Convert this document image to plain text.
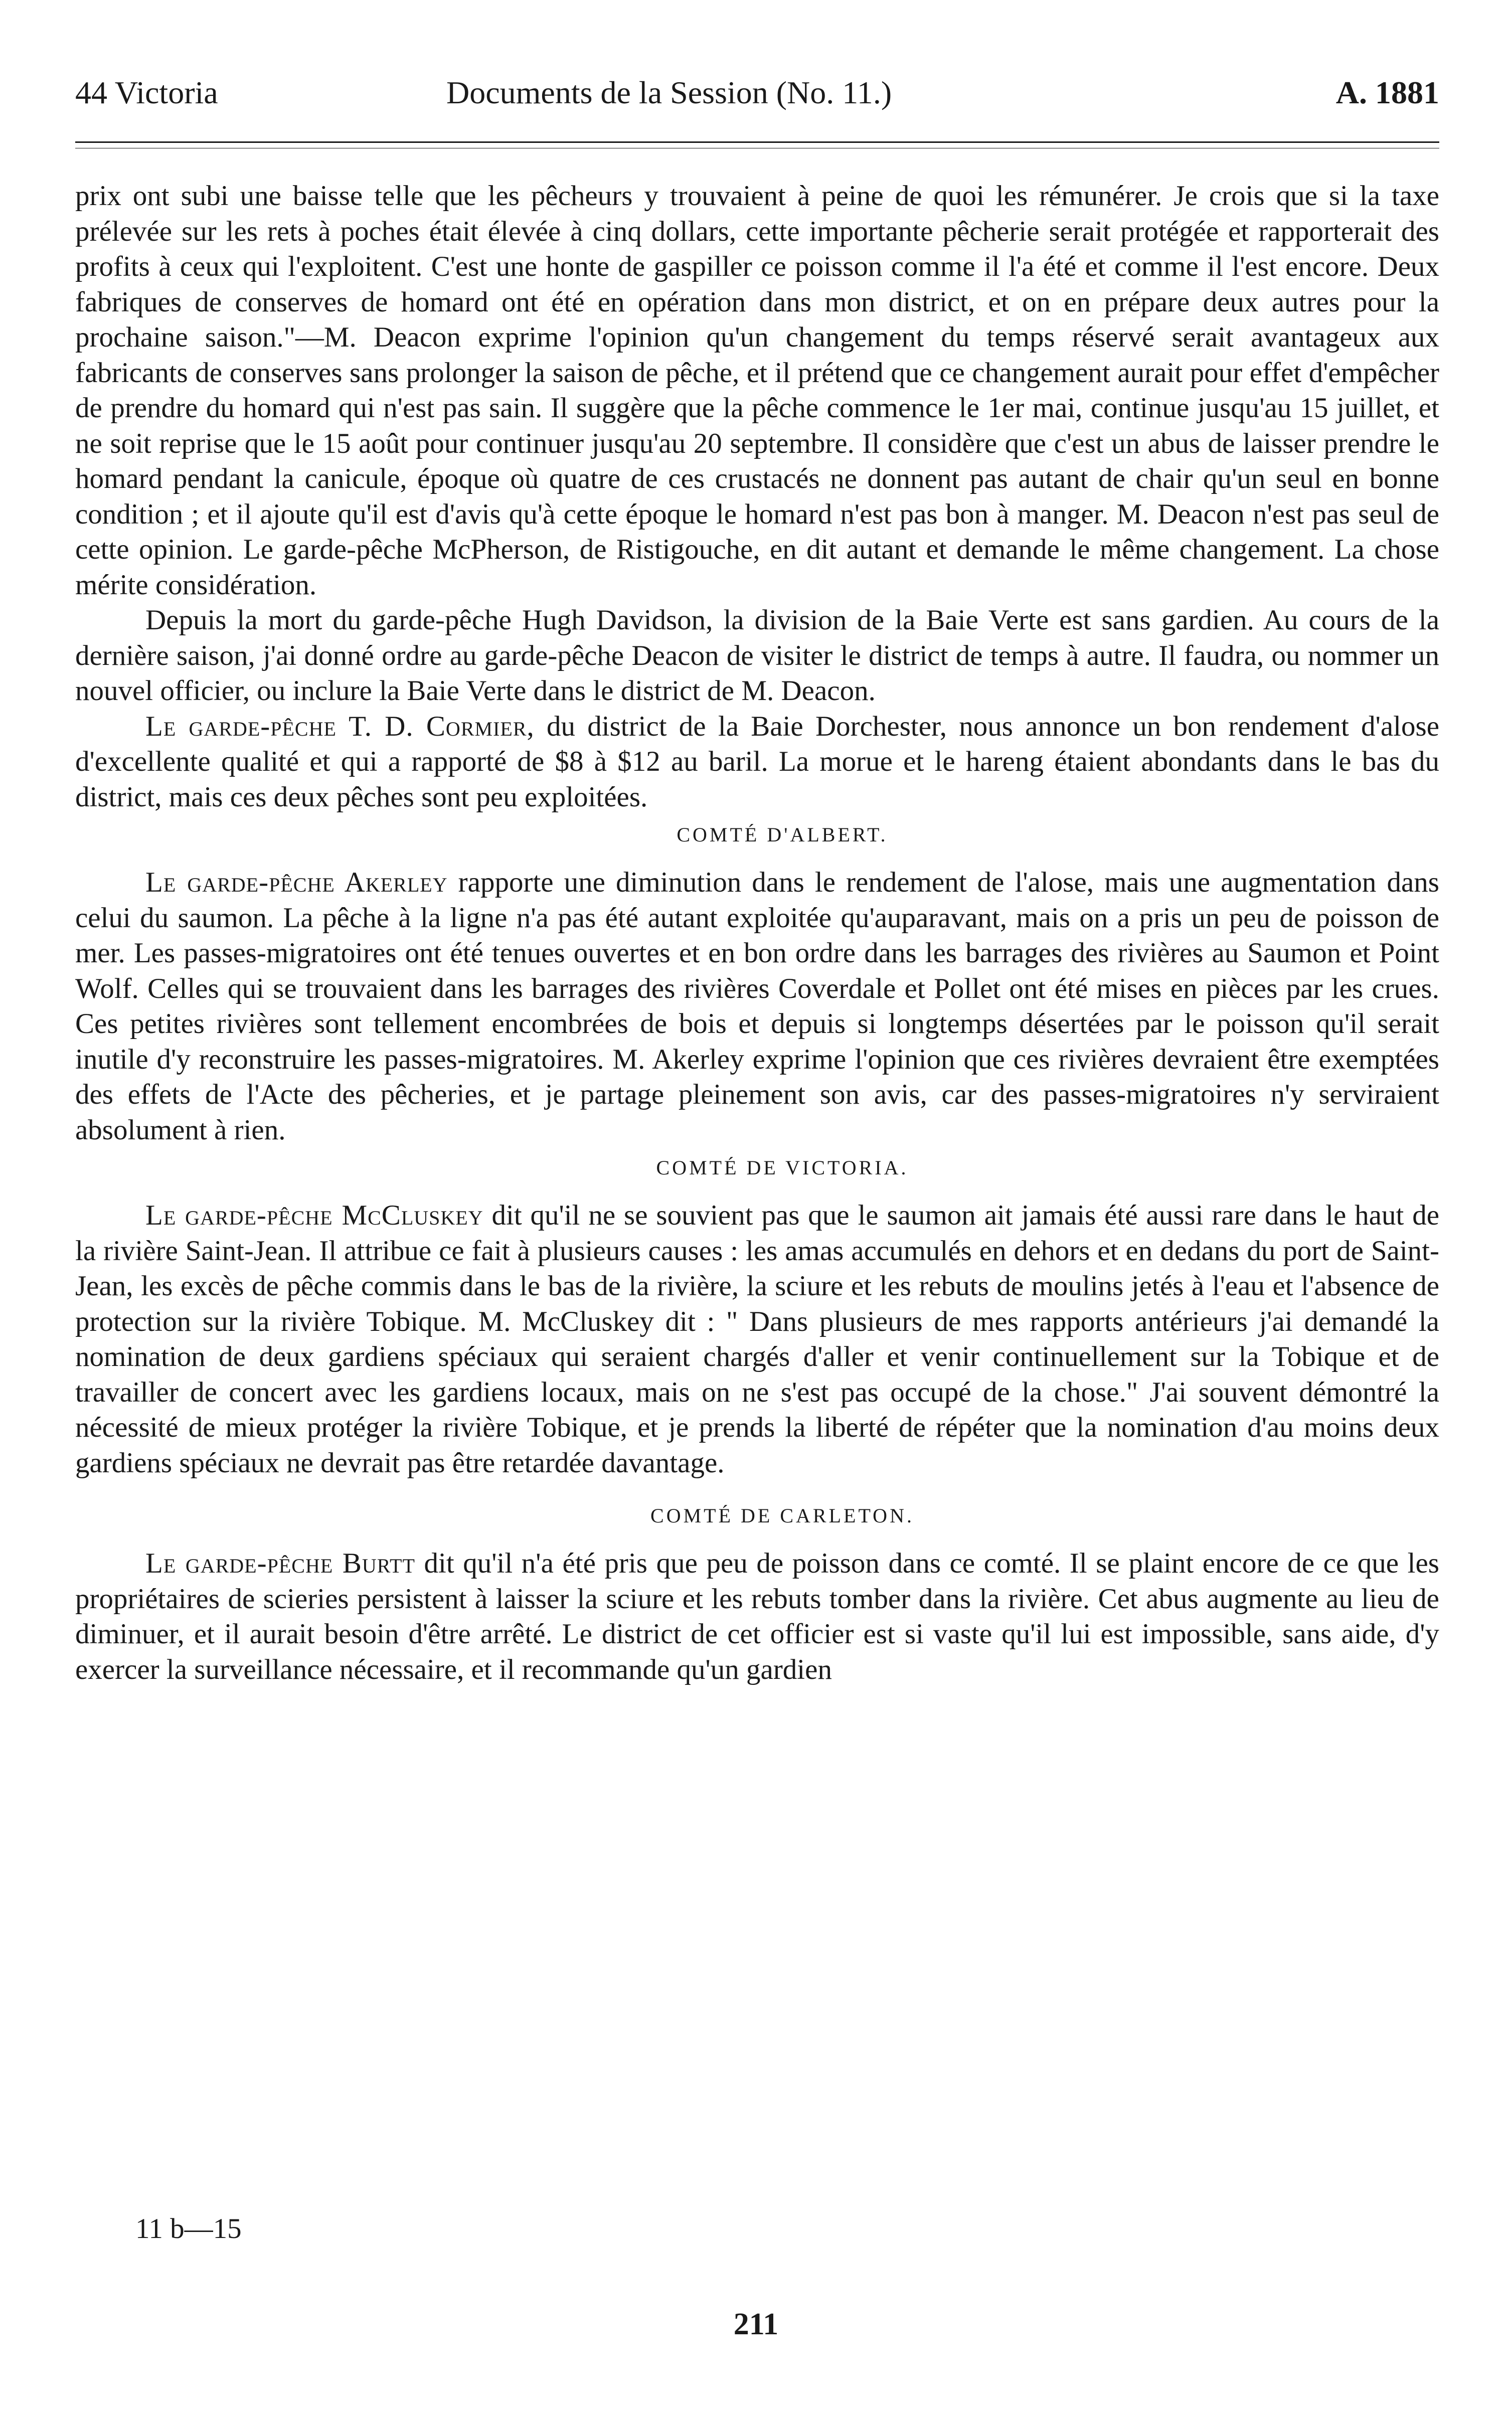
44 Victoria	Documents de la Session (No. 11.)	A. 1881

prix ont subi une baisse telle que les pêcheurs y trouvaient à peine de quoi les rémunérer. Je crois que si la taxe prélevée sur les rets à poches était élevée à cinq dollars, cette importante pêcherie serait protégée et rapporterait des profits à ceux qui l'exploitent. C'est une honte de gaspiller ce poisson comme il l'a été et comme il l'est encore. Deux fabriques de conserves de homard ont été en opération dans mon district, et on en prépare deux autres pour la prochaine saison."—M. Deacon exprime l'opinion qu'un changement du temps réservé serait avantageux aux fabricants de conserves sans prolonger la saison de pêche, et il prétend que ce changement aurait pour effet d'empêcher de prendre du homard qui n'est pas sain. Il suggère que la pêche commence le 1er mai, continue jusqu'au 15 juillet, et ne soit reprise que le 15 août pour continuer jusqu'au 20 septembre. Il considère que c'est un abus de laisser prendre le homard pendant la canicule, époque où quatre de ces crustacés ne donnent pas autant de chair qu'un seul en bonne condition ; et il ajoute qu'il est d'avis qu'à cette époque le homard n'est pas bon à manger. M. Deacon n'est pas seul de cette opinion. Le garde-pêche McPherson, de Ristigouche, en dit autant et demande le même changement. La chose mérite considération.

Depuis la mort du garde-pêche Hugh Davidson, la division de la Baie Verte est sans gardien. Au cours de la dernière saison, j'ai donné ordre au garde-pêche Deacon de visiter le district de temps à autre. Il faudra, ou nommer un nouvel officier, ou inclure la Baie Verte dans le district de M. Deacon.

Le garde-pêche T. D. Cormier, du district de la Baie Dorchester, nous annonce un bon rendement d'alose d'excellente qualité et qui a rapporté de $8 à $12 au baril. La morue et le hareng étaient abondants dans le bas du district, mais ces deux pêches sont peu exploitées.

COMTÉ D'ALBERT.

Le garde-pêche Akerley rapporte une diminution dans le rendement de l'alose, mais une augmentation dans celui du saumon. La pêche à la ligne n'a pas été autant exploitée qu'auparavant, mais on a pris un peu de poisson de mer. Les passes-migratoires ont été tenues ouvertes et en bon ordre dans les barrages des rivières au Saumon et Point Wolf. Celles qui se trouvaient dans les barrages des rivières Coverdale et Pollet ont été mises en pièces par les crues. Ces petites rivières sont tellement encombrées de bois et depuis si longtemps désertées par le poisson qu'il serait inutile d'y reconstruire les passes-migratoires. M. Akerley exprime l'opinion que ces rivières devraient être exemptées des effets de l'Acte des pêcheries, et je partage pleinement son avis, car des passes-migratoires n'y serviraient absolument à rien.

COMTÉ DE VICTORIA.

Le garde-pêche McCluskey dit qu'il ne se souvient pas que le saumon ait jamais été aussi rare dans le haut de la rivière Saint-Jean. Il attribue ce fait à plusieurs causes : les amas accumulés en dehors et en dedans du port de Saint-Jean, les excès de pêche commis dans le bas de la rivière, la sciure et les rebuts de moulins jetés à l'eau et l'absence de protection sur la rivière Tobique. M. McCluskey dit : " Dans plusieurs de mes rapports antérieurs j'ai demandé la nomination de deux gardiens spéciaux qui seraient chargés d'aller et venir continuellement sur la Tobique et de travailler de concert avec les gardiens locaux, mais on ne s'est pas occupé de la chose." J'ai souvent démontré la nécessité de mieux protéger la rivière Tobique, et je prends la liberté de répéter que la nomination d'au moins deux gardiens spéciaux ne devrait pas être retardée davantage.

COMTÉ DE CARLETON.

Le garde-pêche Burtt dit qu'il n'a été pris que peu de poisson dans ce comté. Il se plaint encore de ce que les propriétaires de scieries persistent à laisser la sciure et les rebuts tomber dans la rivière. Cet abus augmente au lieu de diminuer, et il aurait besoin d'être arrêté. Le district de cet officier est si vaste qu'il lui est impossible, sans aide, d'y exercer la surveillance nécessaire, et il recommande qu'un gardien

11 b—15
211
